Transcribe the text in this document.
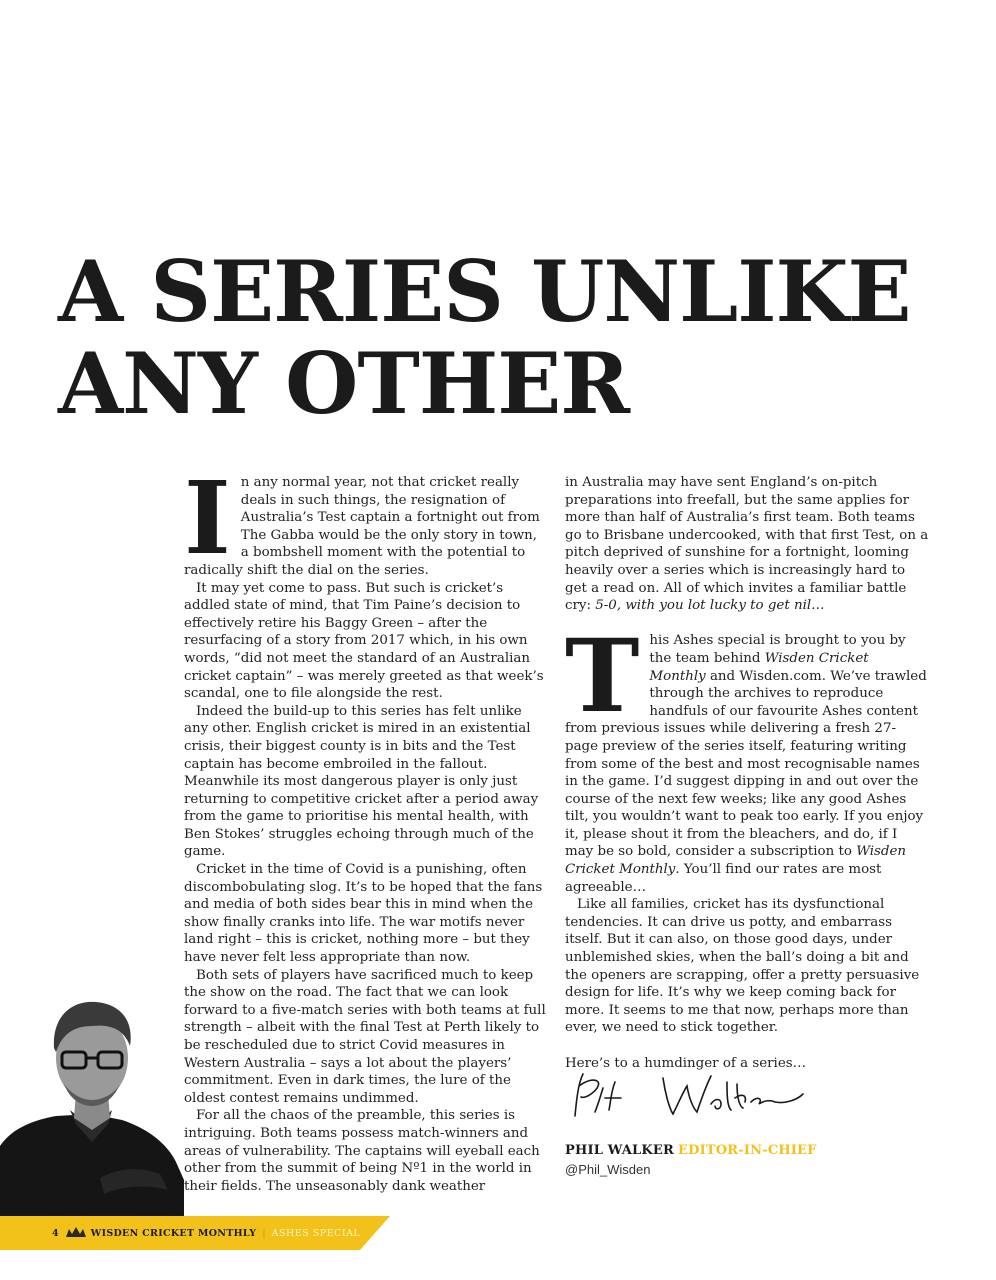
A SERIES UNLIKE ANY OTHER

In any normal year, not that cricket really deals in such things, the resignation of Australia’s Test captain a fortnight out from The Gabba would be the only story in town, a bombshell moment with the potential to radically shift the dial on the series.

It may yet come to pass. But such is cricket’s addled state of mind, that Tim Paine’s decision to effectively retire his Baggy Green – after the resurfacing of a story from 2017 which, in his own words, “did not meet the standard of an Australian cricket captain” – was merely greeted as that week’s scandal, one to file alongside the rest.

Indeed the build-up to this series has felt unlike any other. English cricket is mired in an existential crisis, their biggest county is in bits and the Test captain has become embroiled in the fallout. Meanwhile its most dangerous player is only just returning to competitive cricket after a period away from the game to prioritise his mental health, with Ben Stokes’ struggles echoing through much of the game.

Cricket in the time of Covid is a punishing, often discombobulating slog. It’s to be hoped that the fans and media of both sides bear this in mind when the show finally cranks into life. The war motifs never land right – this is cricket, nothing more – but they have never felt less appropriate than now.

Both sets of players have sacrificed much to keep the show on the road. The fact that we can look forward to a five-match series with both teams at full strength – albeit with the final Test at Perth likely to be rescheduled due to strict Covid measures in Western Australia – says a lot about the players’ commitment. Even in dark times, the lure of the oldest contest remains undimmed.

For all the chaos of the preamble, this series is intriguing. Both teams possess match-winners and areas of vulnerability. The captains will eyeball each other from the summit of being Nº1 in the world in their fields. The unseasonably dank weather

in Australia may have sent England’s on-pitch preparations into freefall, but the same applies for more than half of Australia’s first team. Both teams go to Brisbane undercooked, with that first Test, on a pitch deprived of sunshine for a fortnight, looming heavily over a series which is increasingly hard to get a read on. All of which invites a familiar battle cry: 5-0, with you lot lucky to get nil…

This Ashes special is brought to you by the team behind Wisden Cricket Monthly and Wisden.com. We’ve trawled through the archives to reproduce handfuls of our favourite Ashes content from previous issues while delivering a fresh 27-page preview of the series itself, featuring writing from some of the best and most recognisable names in the game. I’d suggest dipping in and out over the course of the next few weeks; like any good Ashes tilt, you wouldn’t want to peak too early. If you enjoy it, please shout it from the bleachers, and do, if I may be so bold, consider a subscription to Wisden Cricket Monthly. You’ll find our rates are most agreeable…

Like all families, cricket has its dysfunctional tendencies. It can drive us potty, and embarrass itself. But it can also, on those good days, under unblemished skies, when the ball’s doing a bit and the openers are scrapping, offer a pretty persuasive design for life. It’s why we keep coming back for more. It seems to me that now, perhaps more than ever, we need to stick together.

Here’s to a humdinger of a series…

PHIL WALKER EDITOR-IN-CHIEF
@Phil_Wisden
4	WISDEN CRICKET MONTHLY | ASHES SPECIAL
